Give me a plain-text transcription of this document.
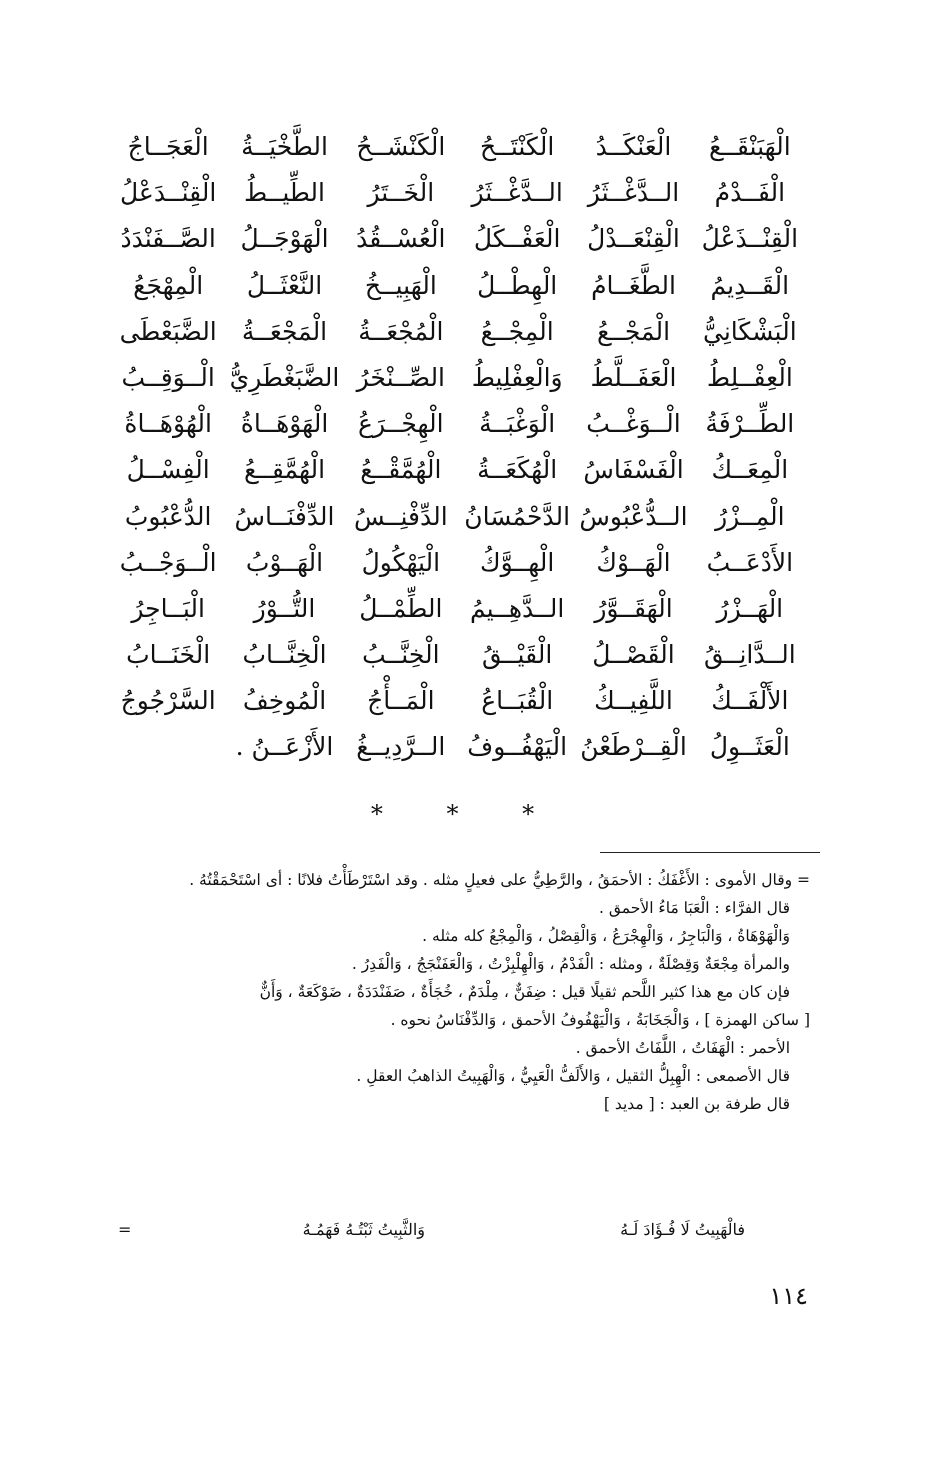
الْهَبَنْقَــعُ
الْعَنْكَــدُ
الْكَنْتَــحُ
الْكَنْشَــحُ
الطَّخْيَــةُ
الْعَجَــاجُ
الْفَــدْمُ
الــدَّغْــثَرُ
الــدَّغْــثَرُ
الْخَــتَرُ
الطِّيــطُ
الْقِنْــدَعْلُ
الْقِنْــذَعْلُ
الْقِنْعَــدْلُ
الْعَفْــكَلُ
الْعُسْــقُدُ
الْهَوْجَــلُ
الصَّــفَنْدَدُ
الْقَــدِيمُ
الطَّغَــامُ
الْهِطْــلُ
الْهَبِيــخُ
النَّعْثَــلُ
الْمِهْجَعُ
الْبَشْكَانِيُّ
الْمَجْــعُ
الْمِجْــعُ
الْمُجْعَــةُ
الْمَجْعَــةُ
الضَّبَعْطَى
الْعِفْــلِطُ
الْعَفَــلَّطُ
وَالْعِفْلِيطُ
الصِّــنْخَرُ
الضَّبَغْطَرِيُّ
الْــوَقِــبُ
الطِّــرْفَةُ
الْــوَغْــبُ
الْوَغْبَــةُ
الْهِجْــرَعُ
الْهَوْهَــاةُ
الْهُوْهَــاةُ
الْمِعَــكُ
الْفَسْفَاسُ
الْهُكَعَــةُ
الْهُمَّقْــعُ
الْهُمَّقِــعُ
الْفِسْــلُ
الْمِــزْرُ
الــدُّعْبُوسُ
الدَّحْمُسَانُ
الدِّفْنِــسُ
الدِّفْنَــاسُ
الدُّعْبُوبُ
الأَدْعَــبُ
الْهَــوْكُ
الْهِــوَّكُ
الْيَهْكُولُ
الْهَــوْبُ
الْــوَجْــبُ
الْهَــزْرُ
الْهَقَــوَّرُ
الــدَّهِــيمُ
الطِّمْــلُ
التُّــوْرُ
الْبَــاجِرُ
الــدَّانِــقُ
الْقَصْــلُ
الْقَيْــقُ
الْخِنَّــبُ
الْخِنَّــابُ
الْخَنَــابُ
الأَلْفَــكُ
اللَّفِيــكُ
الْقُبَــاعُ
الْمَــأْجُ
الْمُوخِفُ
السَّرْجُوجُ
الْعَثَــوِلُ
الْقِــرْطَعْنُ
الْيَهْفُــوفُ
الــرَّدِيــغُ
الأَزْعَــنُ .
* * *

= وقال الأموى : الأَغْفَكُ : الأحمَقُ ، والرَّطِيُّ على فعيلٍ مثله . وقد اسْتَرْطَأْتُ فلانًا : أى اسْتَحْمَقْتُهُ .

قال الفرَّاء : الْعَبَا مَاءُ الأحمق .

وَالْهَوْهَاةُ ، وَالْبَاجِرُ ، وَالْهِجْرَعُ ، وَالْقِصْلُ ، وَالْمِجْعُ كله مثله .

والمرأة مِجْعَةٌ وَقِصْلَةٌ ، ومثله : الْفَدْمُ ، وَالْهِلْبِزْتُ ، وَالْعَفَنْجَجُ ، وَالْفَدِرُ .

فإن كان مع هذا كثير اللَّحم ثقيلًا قيل : ضِفَنٌّ ، مِلْدَمٌ ، خُجَأَةٌ ، صَفَنْدَدَةٌ ، ضَوْكَعَةٌ ، وَأَنٌّ

[ ساكن الهمزة ] ، وَالْجَخَابَةُ ، وَالْيَهْفُوفُ الأحمق ، وَالدِّفْنَاسُ نحوه .

الأحمر : الْهَفَاتُ ، اللَّفَاتُ الأحمق .

قال الأصمعى : الْهِبِلُّ الثقيل ، وَالأَلَفُّ الْعَيِيُّ ، وَالْهَبِيتُ الذاهبُ العقلِ .

قال طرفة بن العبد : [ مديد ]

فالْهَبِيتُ لَا فُـؤَادَ لَـهُ
وَالثَّبِيتُ ثَبْتُـهُ فَهَمُـهُ
=
١١٤
